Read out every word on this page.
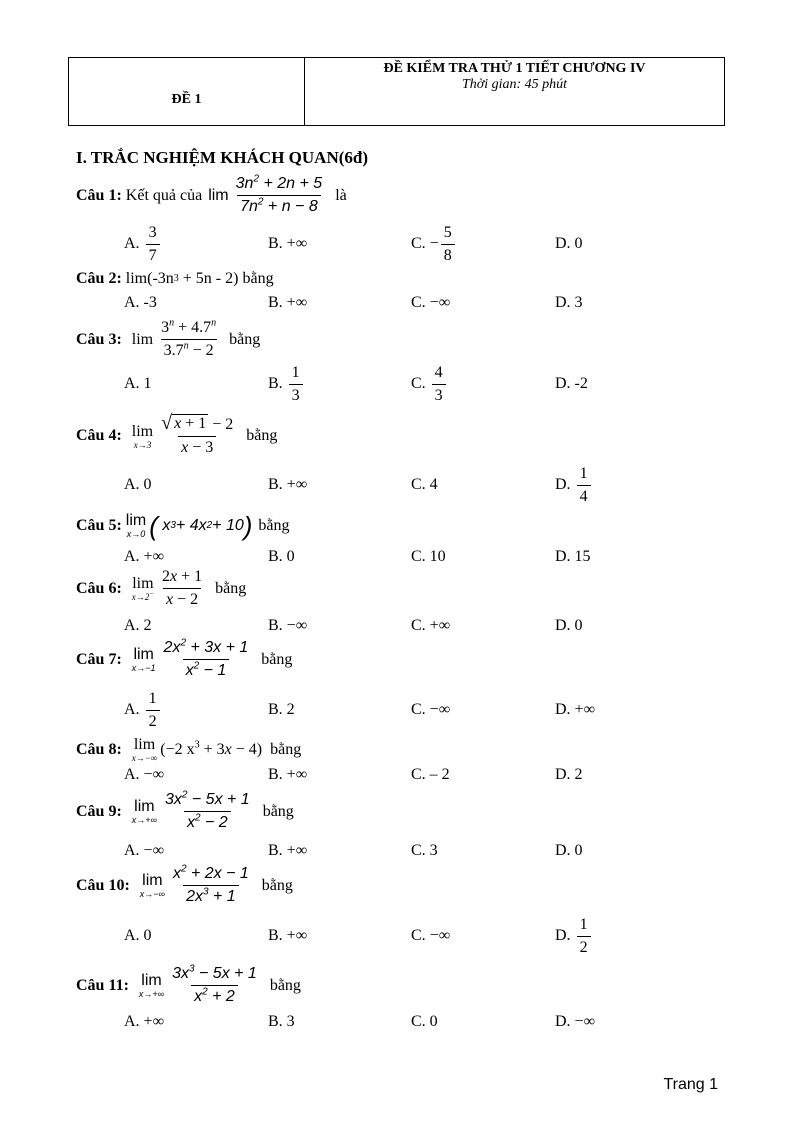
ĐỀ 1
ĐỀ KIỂM TRA THỬ 1 TIẾT CHƯƠNG IV
Thời gian: 45 phút
I. TRẮC NGHIỆM KHÁCH QUAN(6đ)
Câu 1 :
Kết quả của $\lim \frac{3n^2 + 2n + 5}{7n^2 + n - 8}$ là
A. $\frac{3}{7}$	B. +∞	C. − $\frac{5}{8}$	D. 0
Câu 2 :
lim(-3n 3 + 5n - 2) bằng
A. -3	B. +∞	C. −∞	D. 3
Câu 3 :
$\lim \frac{3^n + 4.7^n}{3.7^n - 2}$ bằng
A. 1	B. $\frac{1}{3}$	C. $\frac{4}{3}$	D. -2
Câu 4 :
lim
$x\to 3 \frac{√ x + 1 - 2}{x - 3}$ bằng
A. 0	B. +∞	C. 4	D. $\frac{1}{4}$
Câu 5 :
lim
x→0 (
x 3 + 4 x 2 + 10 ) bằng
A. +∞	B. 0	C. 10	D. 15
Câu 6 :
lim
$x\to 2^- \frac{2x + 1}{x - 2}$ bằng
A. 2	B. −∞	C. +∞	D. 0
Câu 7 :
lim
$x\to-1 \frac{2x^2 + 3x + 1}{x^2 - 1}$ bằng
A. $\frac{1}{2}$	B. 2	C. −∞	D. +∞
Câu 8 :
lim
x→−∞
(−2 $x^3 + 3x - 4$) bằng
A. −∞	B. +∞	C. – 2	D. 2
Câu 9 :
lim
$x\to+\infty \frac{3x^2 - 5x + 1}{x^2 - 2}$ bằng
A. −∞	B. +∞	C. 3	D. 0
Câu 10 :
lim
$x\to-\infty \frac{x^2 + 2x - 1}{2x^3 + 1}$ bằng
A. 0	B. +∞	C. −∞	D. $\frac{1}{2}$
Câu 11 :
lim
$x\to+\infty \frac{3x^3 - 5x + 1}{x^2 + 2}$ bằng
A. +∞	B. 3	C. 0	D. −∞
Trang 1
